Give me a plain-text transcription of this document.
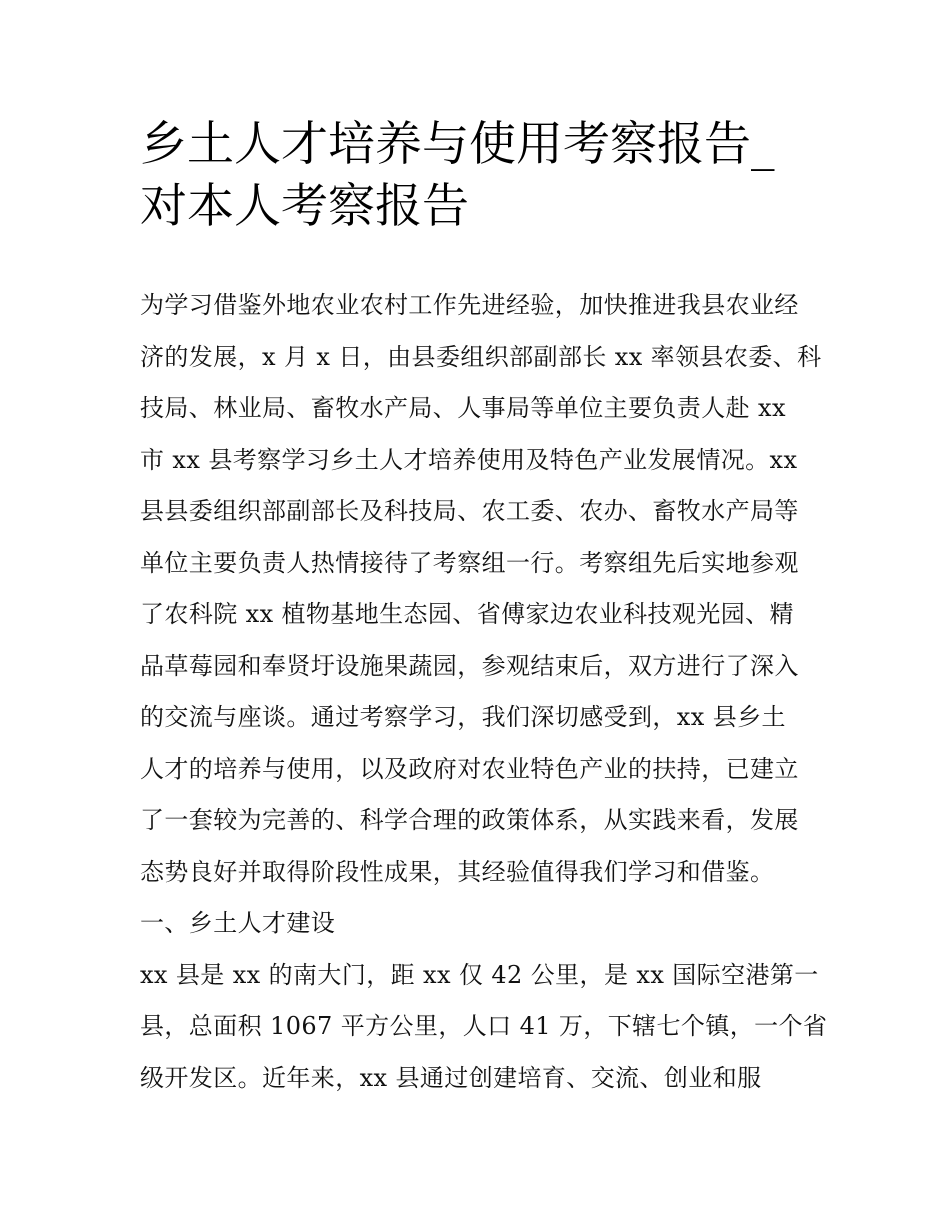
乡土人才培养与使用考察报告_
对本人考察报告
为学习借鉴外地农业农村工作先进经验，加快推进我县农业经
济的发展，x 月 x 日，由县委组织部副部长 xx 率领县农委、科
技局、林业局、畜牧水产局、人事局等单位主要负责人赴 xx
市 xx 县考察学习乡土人才培养使用及特色产业发展情况。xx
县县委组织部副部长及科技局、农工委、农办、畜牧水产局等
单位主要负责人热情接待了考察组一行。考察组先后实地参观
了农科院 xx 植物基地生态园、省傅家边农业科技观光园、精
品草莓园和奉贤圩设施果蔬园，参观结束后，双方进行了深入
的交流与座谈。通过考察学习，我们深切感受到，xx 县乡土
人才的培养与使用，以及政府对农业特色产业的扶持，已建立
了一套较为完善的、科学合理的政策体系，从实践来看，发展
态势良好并取得阶段性成果，其经验值得我们学习和借鉴。
一、乡土人才建设
xx 县是 xx 的南大门，距 xx 仅 42 公里，是 xx 国际空港第一
县，总面积 1067 平方公里，人口 41 万，下辖七个镇，一个省
级开发区。近年来，xx 县通过创建培育、交流、创业和服
